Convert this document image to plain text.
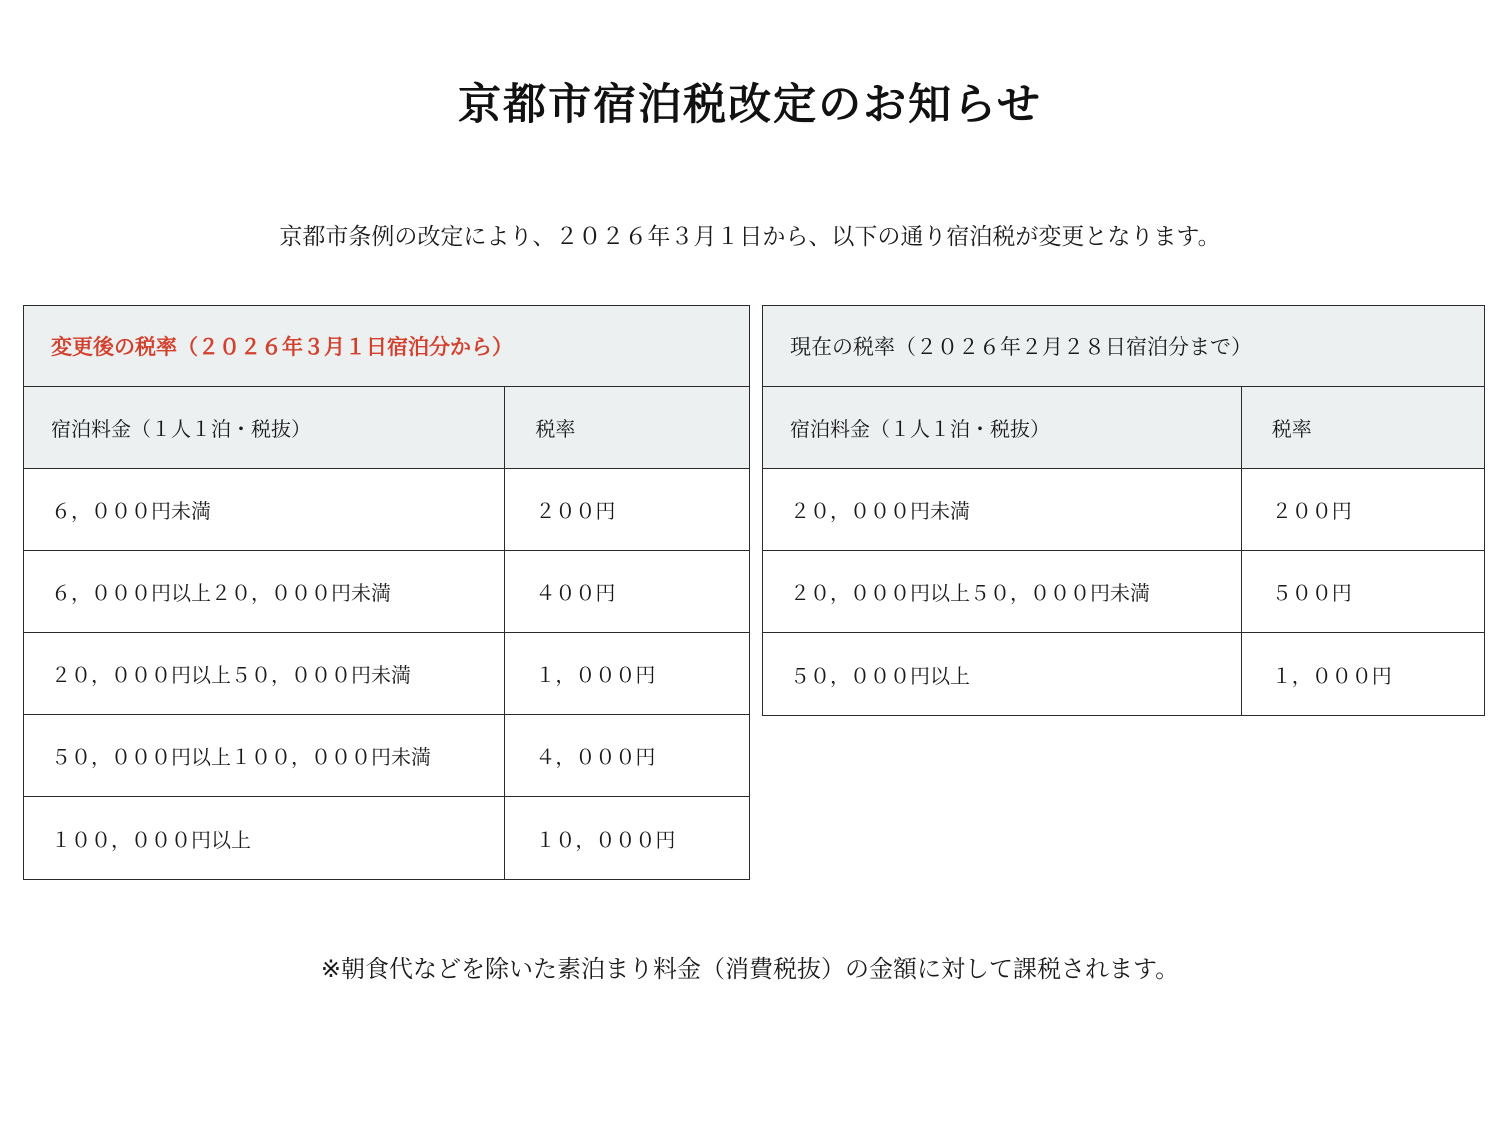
京都市宿泊税改定のお知らせ

京都市条例の改定により、２０２６年３月１日から、以下の通り宿泊税が変更となります。

変更後の税率（２０２６年３月１日宿泊分から）
宿泊料金（１人１泊・税抜）	税率
６，０００円未満	２００円
６，０００円以上２０，０００円未満	４００円
２０，０００円以上５０，０００円未満	１，０００円
５０，０００円以上１００，０００円未満	４，０００円
１００，０００円以上	１０，０００円
現在の税率（２０２６年２月２８日宿泊分まで）
宿泊料金（１人１泊・税抜）	税率
２０，０００円未満	２００円
２０，０００円以上５０，０００円未満	５００円
５０，０００円以上	１，０００円

※朝食代などを除いた素泊まり料金（消費税抜）の金額に対して課税されます。
